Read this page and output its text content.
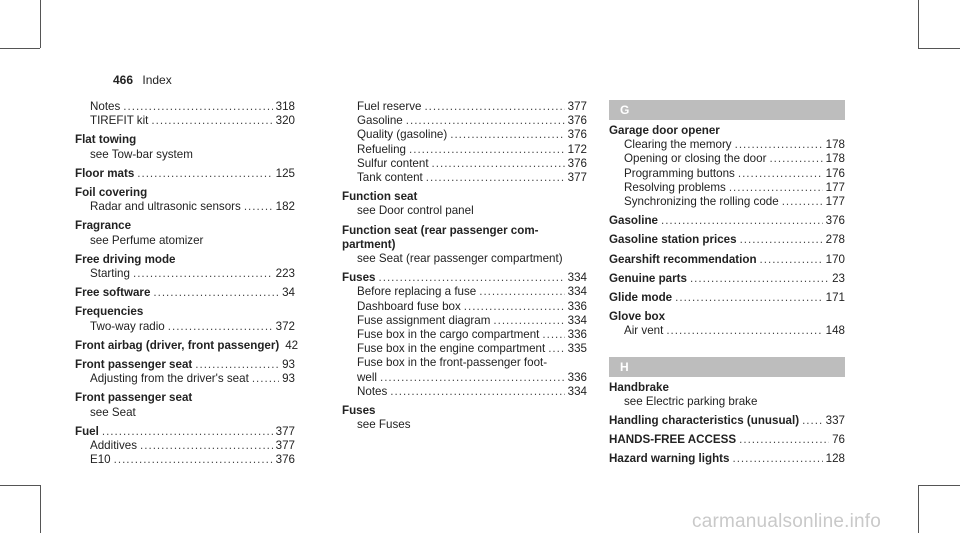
466 Index
Notes .....	318
TIREFIT kit .....	320
Flat towing
see Tow-bar system
Floor mats .....	125
Foil covering
Radar and ultrasonic sensors .....	182
Fragrance
see Perfume atomizer
Free driving mode
Starting .....	223
Free software .....	34
Frequencies
Two-way radio .....	372
Front airbag (driver, front passenger) 42
Front passenger seat .....	93
Adjusting from the driver's seat .....	93
Front passenger seat
see Seat
Fuel .....	377
Additives .....	377
E10 .....	376
Fuel reserve .....	377
Gasoline .....	376
Quality (gasoline) .....	376
Refueling .....	172
Sulfur content .....	376
Tank content .....	377
Function seat
see Door control panel
Function seat (rear passenger com-
partment)
see Seat (rear passenger compartment)
Fuses .....	334
Before replacing a fuse .....	334
Dashboard fuse box .....	336
Fuse assignment diagram .....	334
Fuse box in the cargo compartment ..... 336
Fuse box in the engine compartment ..... 335
Fuse box in the front-passenger foot-
well .....	336
Notes .....	334
Fuses
see Fuses
G
Garage door opener
Clearing the memory .....	178
Opening or closing the door .....	178
Programming buttons .....	176
Resolving problems .....	177
Synchronizing the rolling code .....	177
Gasoline .....	376
Gasoline station prices .....	278
Gearshift recommendation .....	170
Genuine parts .....	23
Glide mode .....	171
Glove box
Air vent .....	148
H
Handbrake
see Electric parking brake
Handling characteristics (unusual) ..... 337
HANDS-FREE ACCESS .....	76
Hazard warning lights .....	128
carmanualsonline.info
